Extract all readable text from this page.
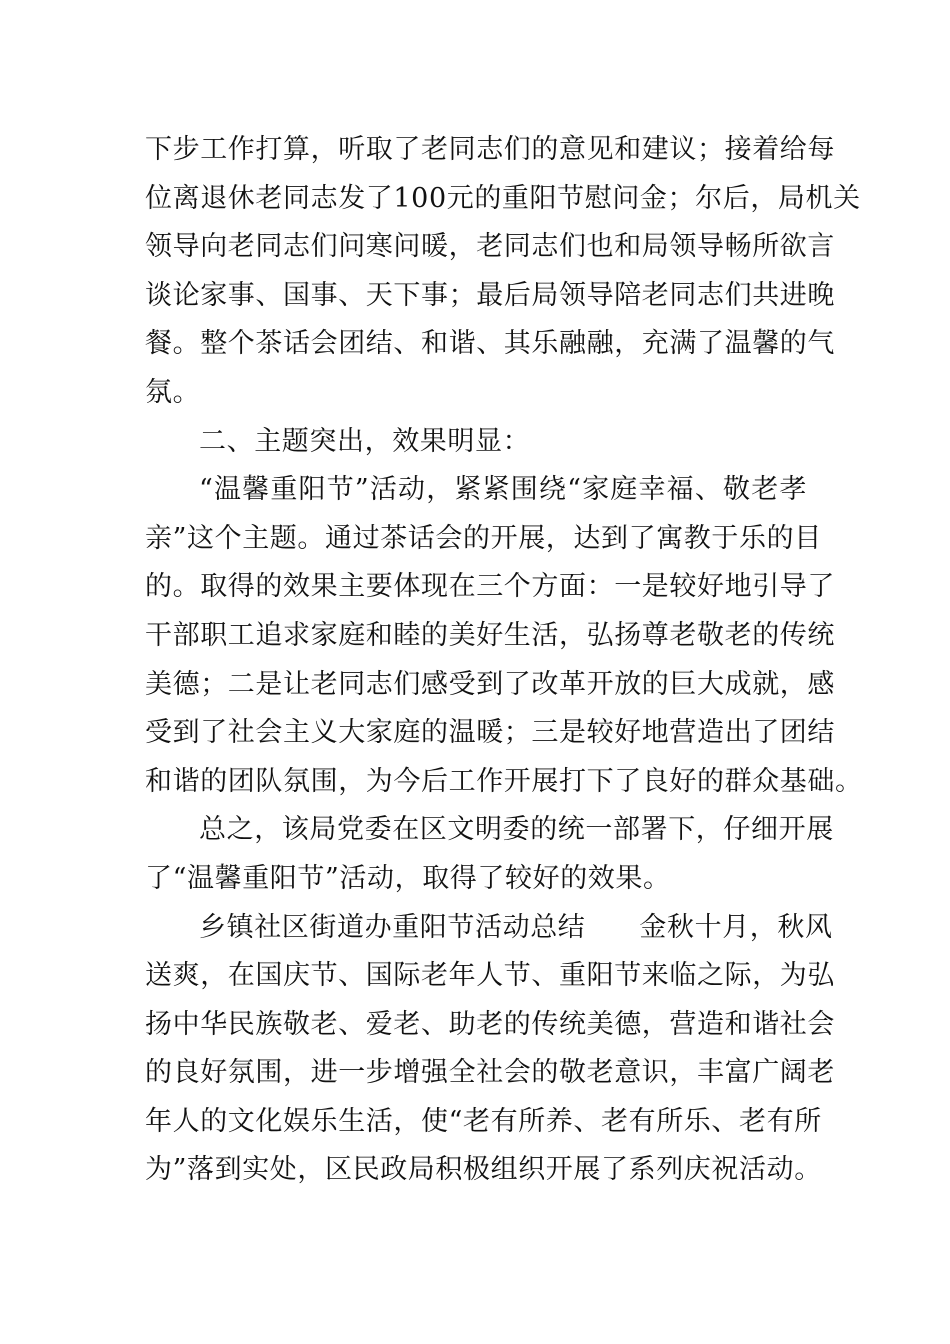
下步工作打算，听取了老同志们的意见和建议；接着给每
位离退休老同志发了100元的重阳节慰问金；尔后，局机关
领导向老同志们问寒问暖，老同志们也和局领导畅所欲言
谈论家事、国事、天下事；最后局领导陪老同志们共进晚
餐。整个茶话会团结、和谐、其乐融融，充满了温馨的气
氛。
二、主题突出，效果明显：
“温馨重阳节”活动，紧紧围绕“家庭幸福、敬老孝
亲”这个主题。通过茶话会的开展，达到了寓教于乐的目
的。取得的效果主要体现在三个方面：一是较好地引导了
干部职工追求家庭和睦的美好生活，弘扬尊老敬老的传统
美德；二是让老同志们感受到了改革开放的巨大成就，感
受到了社会主义大家庭的温暖；三是较好地营造出了团结
和谐的团队氛围，为今后工作开展打下了良好的群众基础。
总之，该局党委在区文明委的统一部署下，仔细开展
了“温馨重阳节”活动，取得了较好的效果。
乡镇社区街道办重阳节活动总结 金秋十月，秋风
送爽，在国庆节、国际老年人节、重阳节来临之际，为弘
扬中华民族敬老、爱老、助老的传统美德，营造和谐社会
的良好氛围，进一步增强全社会的敬老意识，丰富广阔老
年人的文化娱乐生活，使“老有所养、老有所乐、老有所
为”落到实处，区民政局积极组织开展了系列庆祝活动。
